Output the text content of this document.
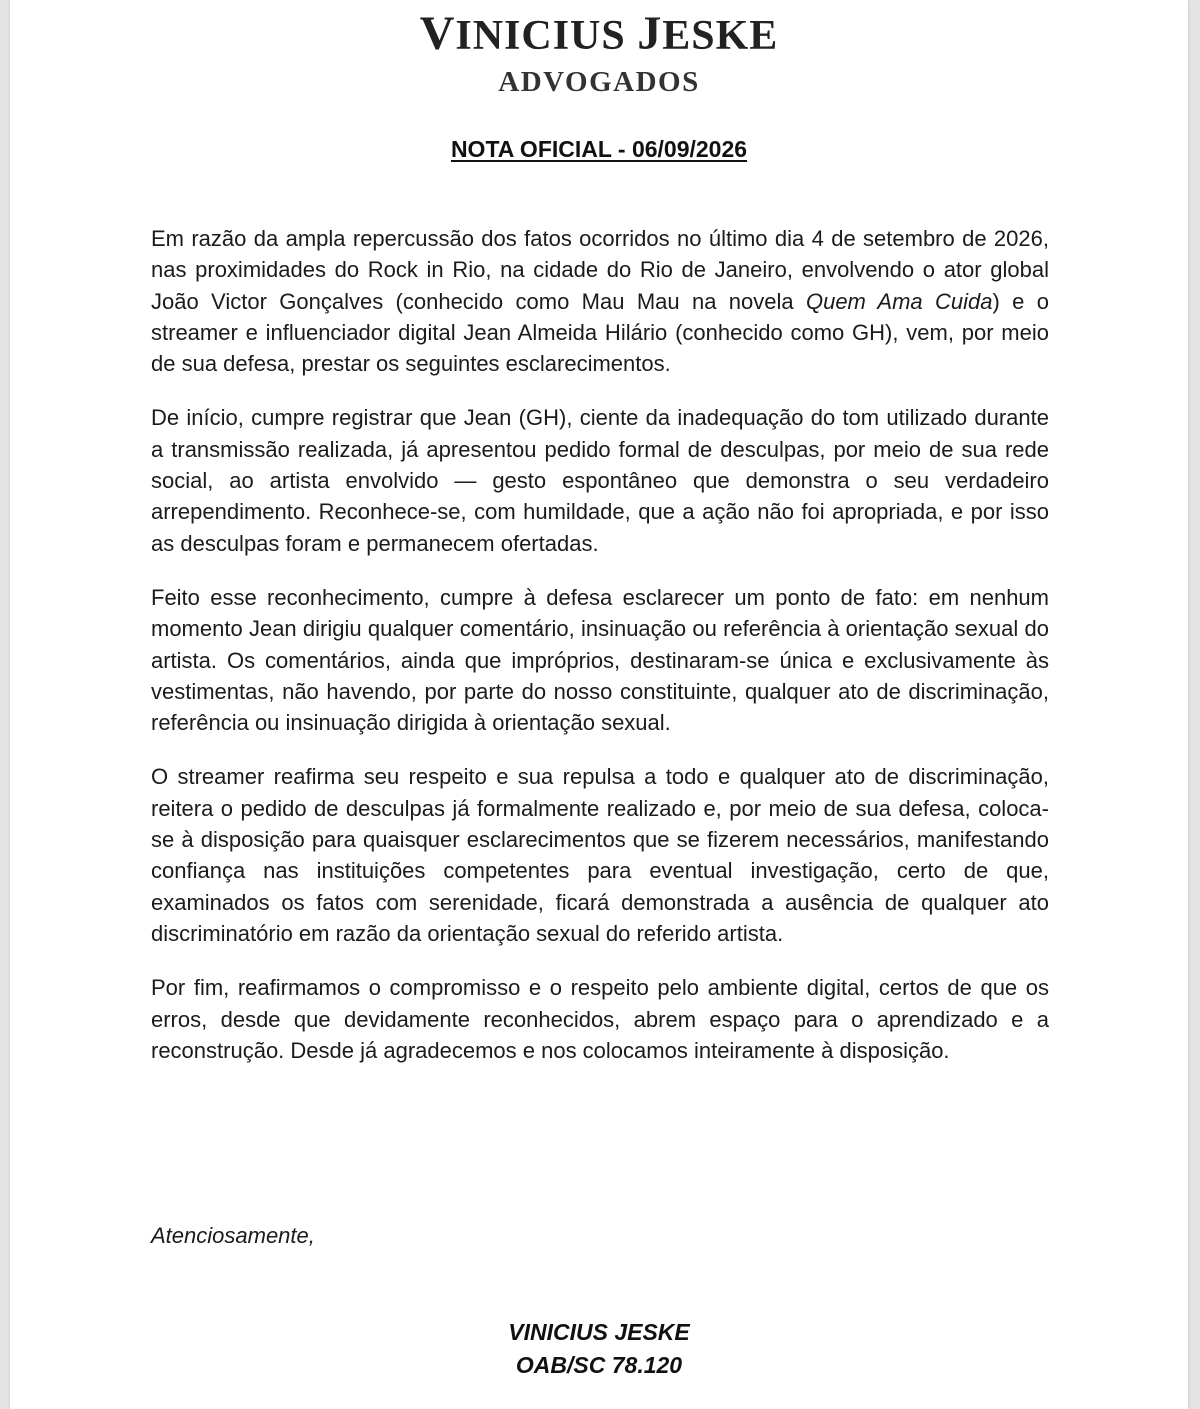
VINICIUS JESKE
ADVOGADOS
NOTA OFICIAL - 06/09/2026

Em razão da ampla repercussão dos fatos ocorridos no último dia 4 de setembro de 2026, nas proximidades do Rock in Rio, na cidade do Rio de Janeiro, envolvendo o ator global João Victor Gonçalves (conhecido como Mau Mau na novela Quem Ama Cuida) e o streamer e influenciador digital Jean Almeida Hilário (conhecido como GH), vem, por meio de sua defesa, prestar os seguintes esclarecimentos.

De início, cumpre registrar que Jean (GH), ciente da inadequação do tom utilizado durante a transmissão realizada, já apresentou pedido formal de desculpas, por meio de sua rede social, ao artista envolvido — gesto espontâneo que demonstra o seu verdadeiro arrependimento. Reconhece-se, com humildade, que a ação não foi apropriada, e por isso as desculpas foram e permanecem ofertadas.

Feito esse reconhecimento, cumpre à defesa esclarecer um ponto de fato: em nenhum momento Jean dirigiu qualquer comentário, insinuação ou referência à orientação sexual do artista. Os comentários, ainda que impróprios, destinaram-se única e exclusivamente às vestimentas, não havendo, por parte do nosso constituinte, qualquer ato de discriminação, referência ou insinuação dirigida à orientação sexual.

O streamer reafirma seu respeito e sua repulsa a todo e qualquer ato de discriminação, reitera o pedido de desculpas já formalmente realizado e, por meio de sua defesa, coloca-se à disposição para quaisquer esclarecimentos que se fizerem necessários, manifestando confiança nas instituições competentes para eventual investigação, certo de que, examinados os fatos com serenidade, ficará demonstrada a ausência de qualquer ato discriminatório em razão da orientação sexual do referido artista.

Por fim, reafirmamos o compromisso e o respeito pelo ambiente digital, certos de que os erros, desde que devidamente reconhecidos, abrem espaço para o aprendizado e a reconstrução. Desde já agradecemos e nos colocamos inteiramente à disposição.

Atenciosamente,
VINICIUS JESKE
OAB/SC 78.120
